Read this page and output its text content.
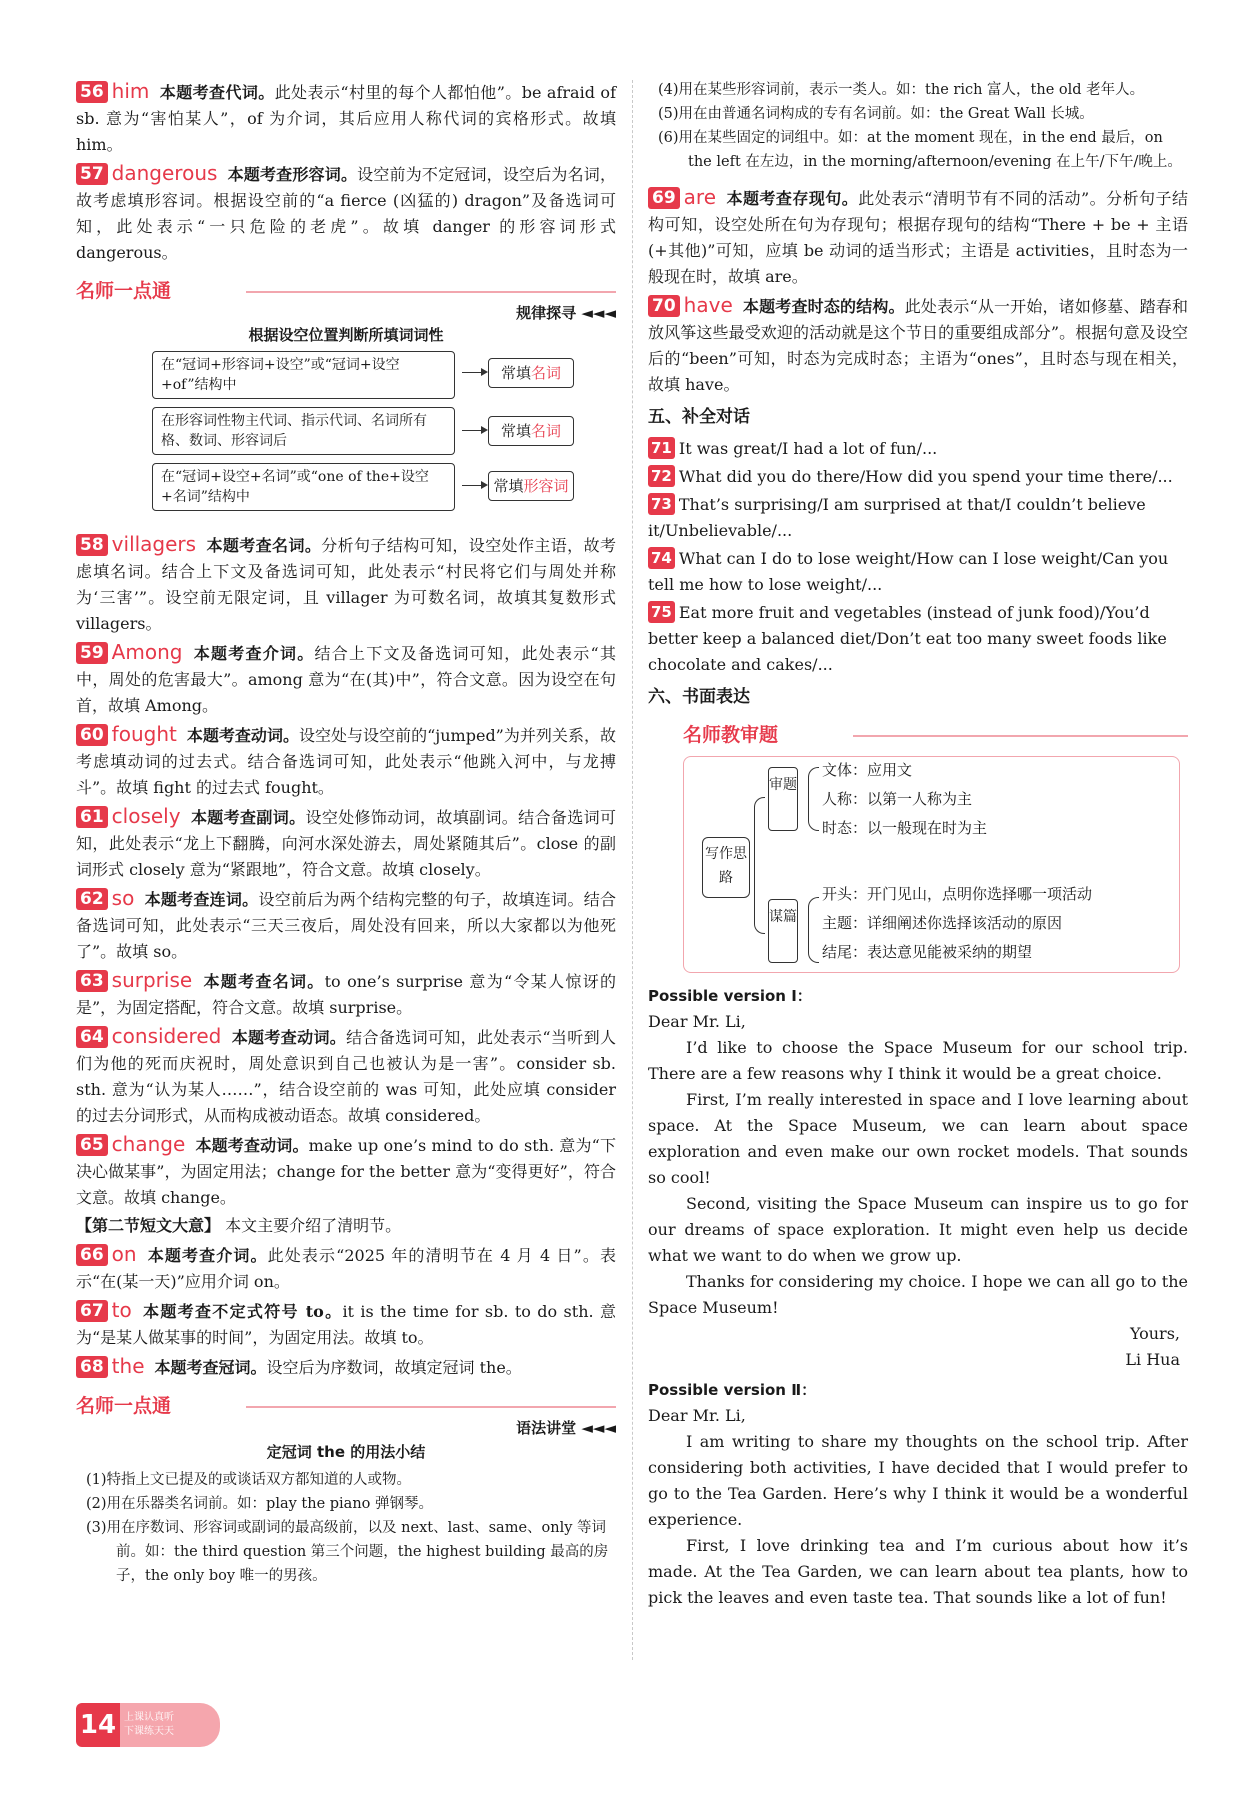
56 him 本题考查代词。此处表示“村里的每个人都怕他”。be afraid of sb. 意为“害怕某人”，of 为介词，其后应用人称代词的宾格形式。故填 him。
57 dangerous 本题考查形容词。设空前为不定冠词，设空后为名词，故考虑填形容词。根据设空前的“a fierce (凶猛的) dragon”及备选词可知，此处表示“一只危险的老虎”。故填 danger 的形容词形式 dangerous。
名师一点通
规律探寻 ◄◄◄
根据设空位置判断所填词词性
在“冠词+形容词+设空”或“冠词+设空+of”结构中
常填名词
在形容词性物主代词、指示代词、名词所有格、数词、形容词后
常填名词
在“冠词+设空+名词”或“one of the+设空+名词”结构中
常填形容词
58 villagers 本题考查名词。分析句子结构可知，设空处作主语，故考虑填名词。结合上下文及备选词可知，此处表示“村民将它们与周处并称为‘三害’”。设空前无限定词，且 villager 为可数名词，故填其复数形式 villagers。
59 Among 本题考查介词。结合上下文及备选词可知，此处表示“其中，周处的危害最大”。among 意为“在(其)中”，符合文意。因为设空在句首，故填 Among。
60 fought 本题考查动词。设空处与设空前的“jumped”为并列关系，故考虑填动词的过去式。结合备选词可知，此处表示“他跳入河中，与龙搏斗”。故填 fight 的过去式 fought。
61 closely 本题考查副词。设空处修饰动词，故填副词。结合备选词可知，此处表示“龙上下翻腾，向河水深处游去，周处紧随其后”。close 的副词形式 closely 意为“紧跟地”，符合文意。故填 closely。
62 so 本题考查连词。设空前后为两个结构完整的句子，故填连词。结合备选词可知，此处表示“三天三夜后，周处没有回来，所以大家都以为他死了”。故填 so。
63 surprise 本题考查名词。to one’s surprise 意为“令某人惊讶的是”，为固定搭配，符合文意。故填 surprise。
64 considered 本题考查动词。结合备选词可知，此处表示“当听到人们为他的死而庆祝时，周处意识到自己也被认为是一害”。consider sb. sth. 意为“认为某人……”，结合设空前的 was 可知，此处应填 consider 的过去分词形式，从而构成被动语态。故填 considered。
65 change 本题考查动词。make up one’s mind to do sth. 意为“下决心做某事”，为固定用法；change for the better 意为“变得更好”，符合文意。故填 change。
【第二节短文大意】 本文主要介绍了清明节。
66 on 本题考查介词。此处表示“2025 年的清明节在 4 月 4 日”。表示“在(某一天)”应用介词 on。
67 to 本题考查不定式符号 to。it is the time for sb. to do sth. 意为“是某人做某事的时间”，为固定用法。故填 to。
68 the 本题考查冠词。设空后为序数词，故填定冠词 the。
名师一点通
语法讲堂 ◄◄◄
定冠词 the 的用法小结
(1)特指上文已提及的或谈话双方都知道的人或物。
(2)用在乐器类名词前。如：play the piano 弹钢琴。
(3)用在序数词、形容词或副词的最高级前，以及 next、last、same、only 等词前。如：the third question 第三个问题，the highest building 最高的房子，the only boy 唯一的男孩。
(4)用在某些形容词前，表示一类人。如：the rich 富人，the old 老年人。
(5)用在由普通名词构成的专有名词前。如：the Great Wall 长城。
(6)用在某些固定的词组中。如：at the moment 现在，in the end 最后，on the left 在左边，in the morning/afternoon/evening 在上午/下午/晚上。
69 are 本题考查存现句。此处表示“清明节有不同的活动”。分析句子结构可知，设空处所在句为存现句；根据存现句的结构“There + be + 主语(+其他)”可知，应填 be 动词的适当形式；主语是 activities，且时态为一般现在时，故填 are。
70 have 本题考查时态的结构。此处表示“从一开始，诸如修墓、踏春和放风筝这些最受欢迎的活动就是这个节日的重要组成部分”。根据句意及设空后的“been”可知，时态为完成时态；主语为“ones”，且时态与现在相关，故填 have。
五、补全对话
71 It was great/I had a lot of fun/...
72 What did you do there/How did you spend your time there/...
73 That’s surprising/I am surprised at that/I couldn’t believe it/Unbelievable/...
74 What can I do to lose weight/How can I lose weight/Can you tell me how to lose weight/...
75 Eat more fruit and vegetables (instead of junk food)/You’d better keep a balanced diet/Don’t eat too many sweet foods like chocolate and cakes/...
六、书面表达
名师教审题
写作思路
审题
谋篇
文体：应用文
人称：以第一人称为主
时态：以一般现在时为主
开头：开门见山，点明你选择哪一项活动
主题：详细阐述你选择该活动的原因
结尾：表达意见能被采纳的期望

Possible version Ⅰ：

Dear Mr. Li,

I’d like to choose the Space Museum for our school trip. There are a few reasons why I think it would be a great choice.

First, I’m really interested in space and I love learning about space. At the Space Museum, we can learn about space exploration and even make our own rocket models. That sounds so cool!

Second, visiting the Space Museum can inspire us to go for our dreams of space exploration. It might even help us decide what we want to do when we grow up.

Thanks for considering my choice. I hope we can all go to the Space Museum!

Yours,

Li Hua

Possible version Ⅱ：

Dear Mr. Li,

I am writing to share my thoughts on the school trip. After considering both activities, I have decided that I would prefer to go to the Tea Garden. Here’s why I think it would be a wonderful experience.

First, I love drinking tea and I’m curious about how it’s made. At the Tea Garden, we can learn about tea plants, how to pick the leaves and even taste tea. That sounds like a lot of fun!

14 上课认真听
下课练天天
